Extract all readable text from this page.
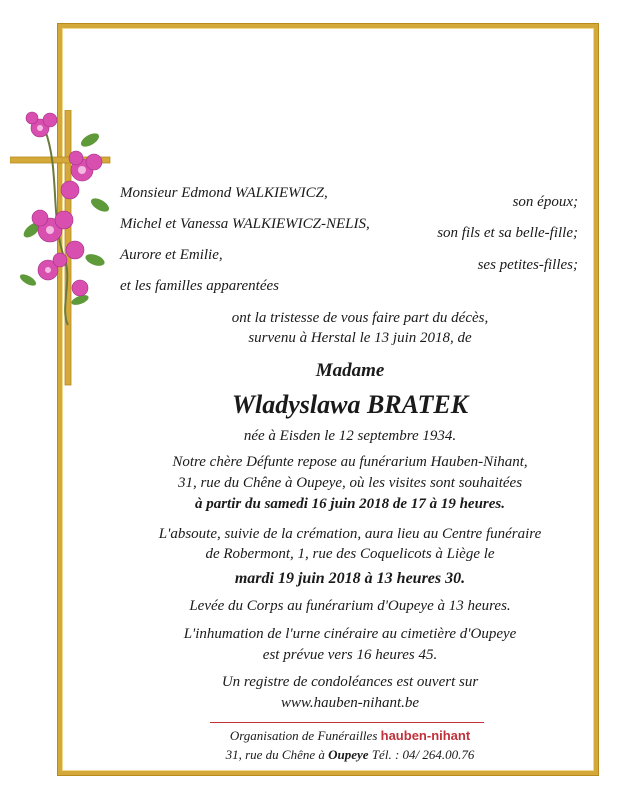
Monsieur Edmond WALKIEWICZ,
son époux;
Michel et Vanessa WALKIEWICZ-NELIS,
son fils et sa belle-fille;
Aurore et Emilie,
ses petites-filles;
et les familles apparentées
ont la tristesse de vous faire part du décès,
survenu à Herstal le 13 juin 2018, de
Madame
Wladyslawa BRATEK
née à Eisden le 12 septembre 1934.
Notre chère Défunte repose au funérarium Hauben-Nihant,
31, rue du Chêne à Oupeye, où les visites sont souhaitées
à partir du samedi 16 juin 2018 de 17 à 19 heures.
L'absoute, suivie de la crémation, aura lieu au Centre funéraire
de Robermont, 1, rue des Coquelicots à Liège le
mardi 19 juin 2018 à 13 heures 30.
Levée du Corps au funérarium d'Oupeye à 13 heures.
L'inhumation de l'urne cinéraire au cimetière d'Oupeye
est prévue vers 16 heures 45.
Un registre de condoléances est ouvert sur
www.hauben-nihant.be
Organisation de Funérailles hauben-nihant
31, rue du Chêne à Oupeye Tél. : 04/ 264.00.76
